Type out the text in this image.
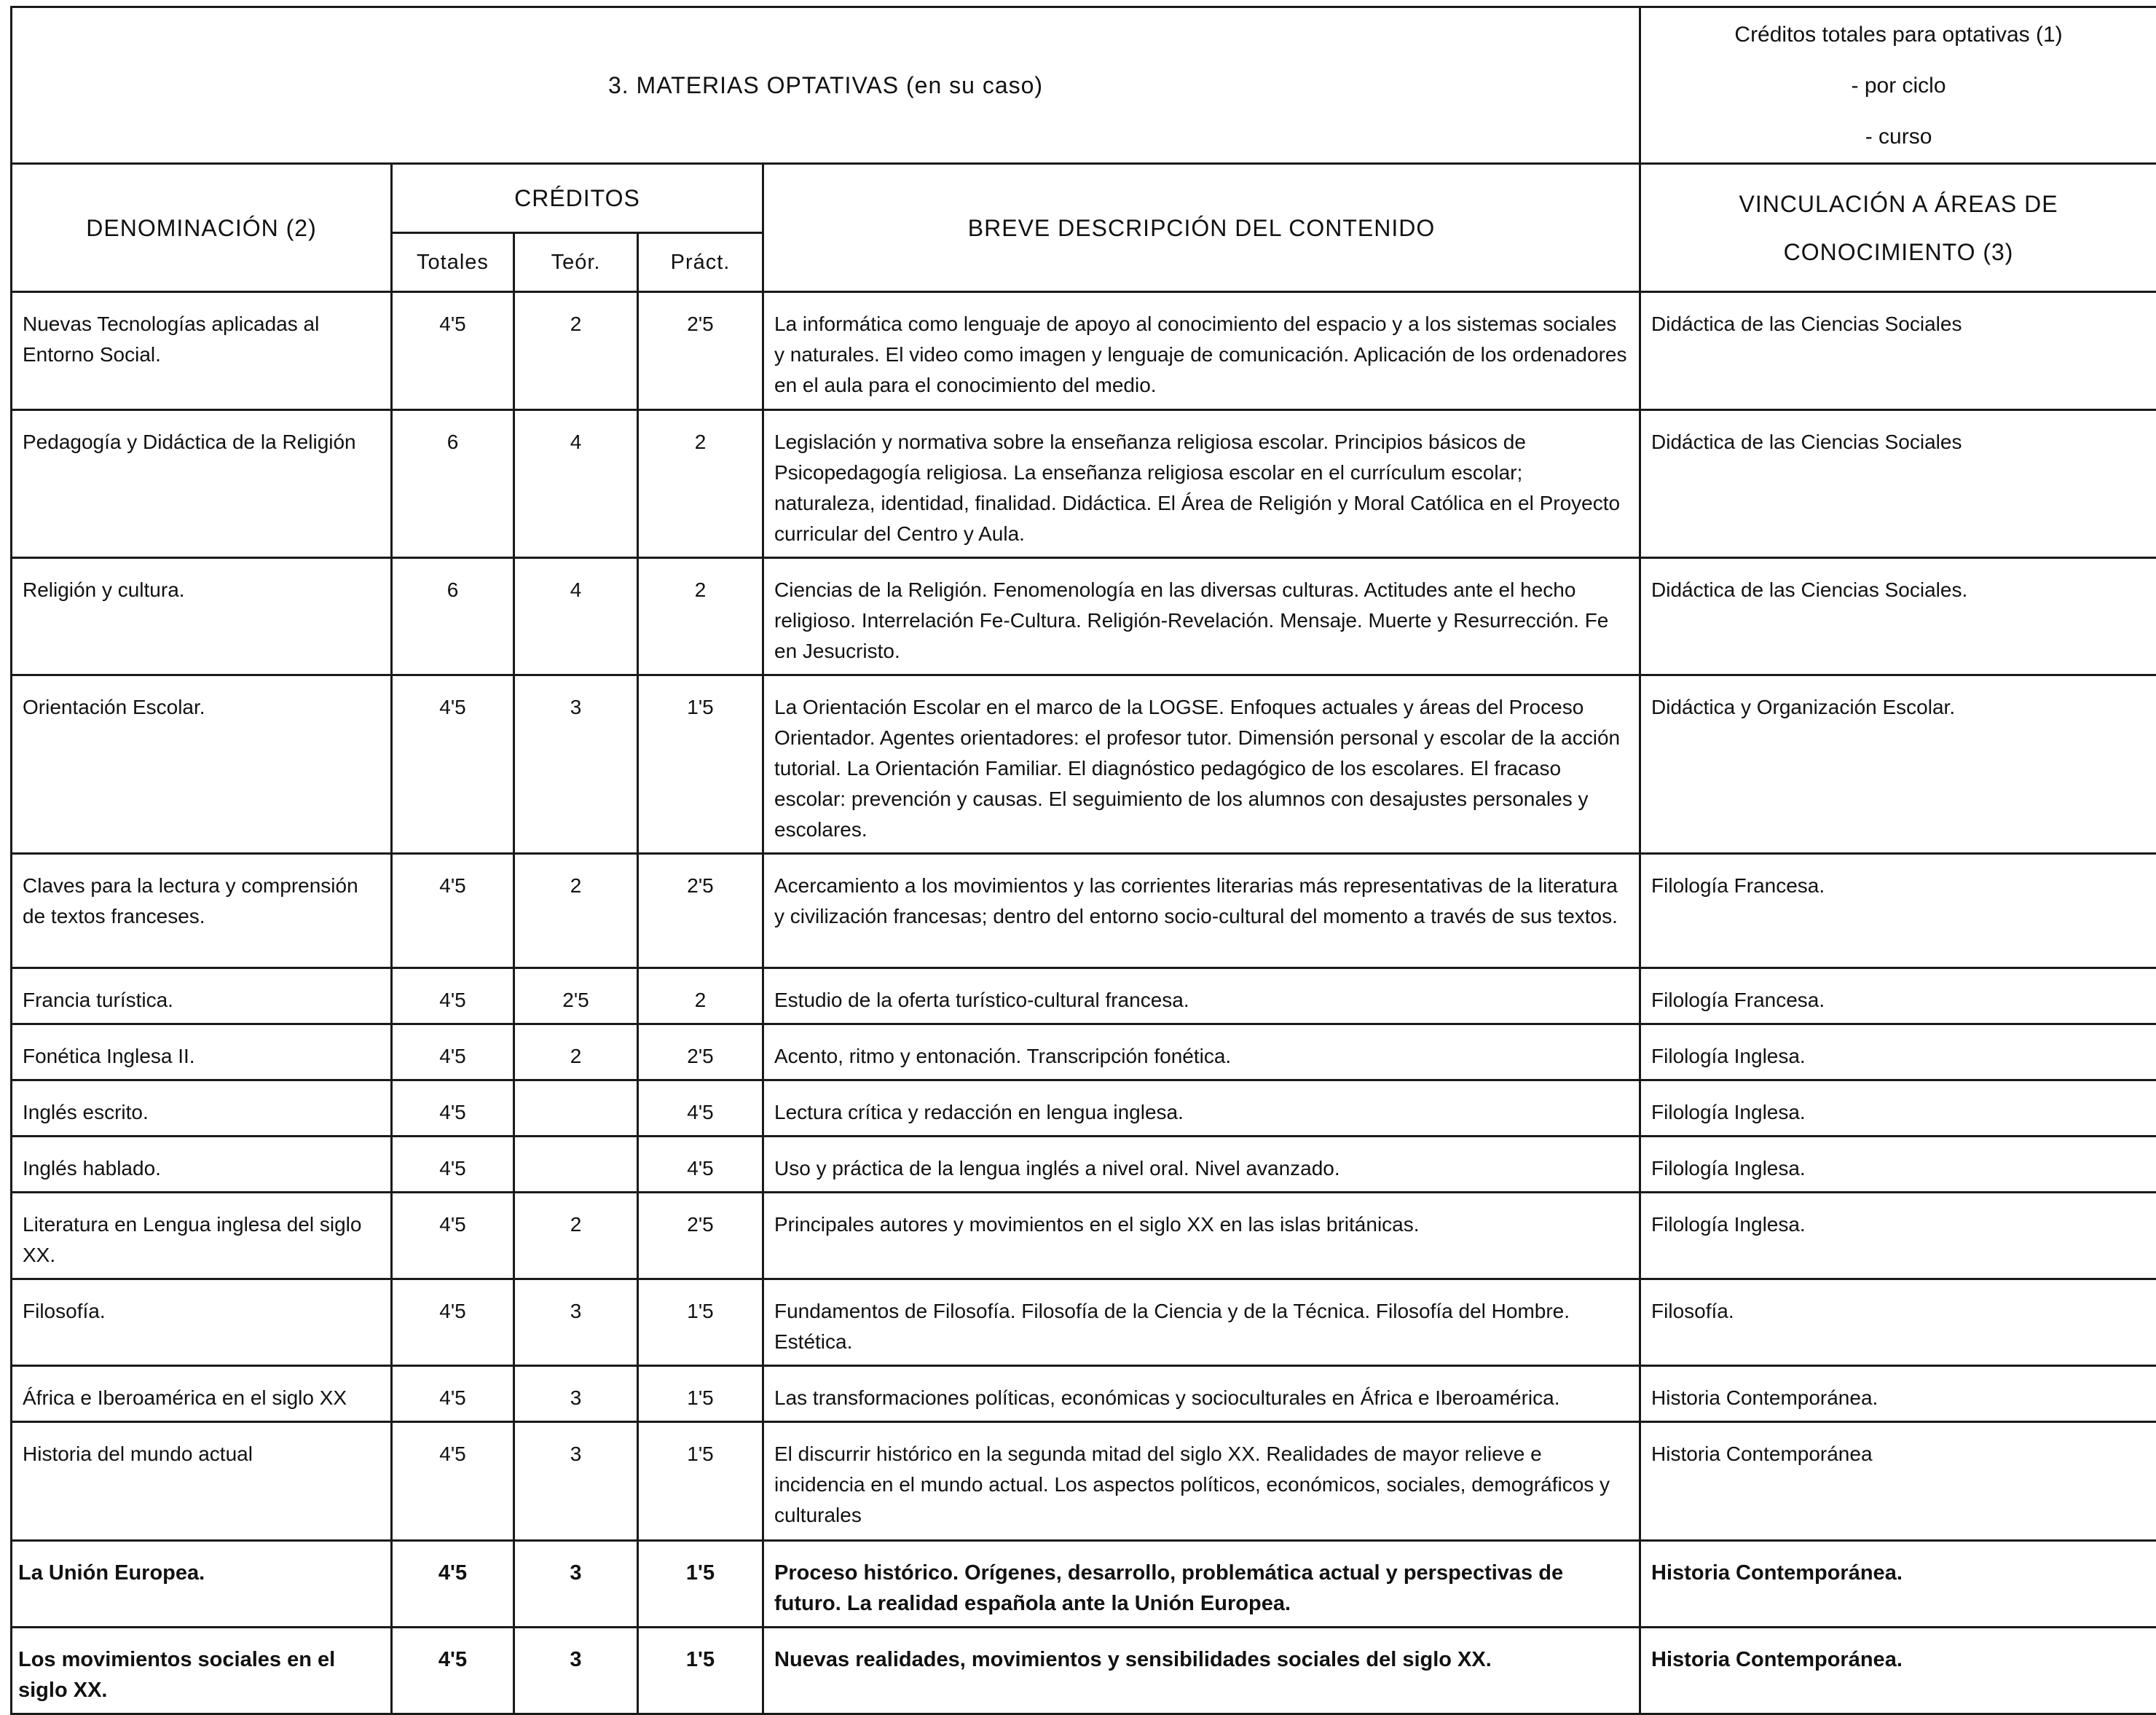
3. MATERIAS OPTATIVAS (en su caso)					Créditos totales para optativas (1)
- por ciclo
- curso

DENOMINACIÓN (2)	CRÉDITOS			BREVE DESCRIPCIÓN DEL CONTENIDO	VINCULACIÓN A ÁREAS DE
CONOCIMIENTO (3)

	Totales	Teór.	Práct.		
Nuevas Tecnologías aplicadas al Entorno Social.	4'5	2	2'5	La informática como lenguaje de apoyo al conocimiento del espacio y a los sistemas sociales y naturales. El video como imagen y lenguaje de comunicación. Aplicación de los ordenadores en el aula para el conocimiento del medio.	Didáctica de las Ciencias Sociales
Pedagogía y Didáctica de la Religión	6	4	2	Legislación y normativa sobre la enseñanza religiosa escolar. Principios básicos de Psicopedagogía religiosa. La enseñanza religiosa escolar en el currículum escolar; naturaleza, identidad, finalidad. Didáctica. El Área de Religión y Moral Católica en el Proyecto curricular del Centro y Aula.	Didáctica de las Ciencias Sociales
Religión y cultura.	6	4	2	Ciencias de la Religión. Fenomenología en las diversas culturas. Actitudes ante el hecho religioso. Interrelación Fe-Cultura. Religión-Revelación. Mensaje. Muerte y Resurrección. Fe en Jesucristo.	Didáctica de las Ciencias Sociales.
Orientación Escolar.	4'5	3	1'5	La Orientación Escolar en el marco de la LOGSE. Enfoques actuales y áreas del Proceso Orientador. Agentes orientadores: el profesor tutor. Dimensión personal y escolar de la acción tutorial. La Orientación Familiar. El diagnóstico pedagógico de los escolares. El fracaso escolar: prevención y causas. El seguimiento de los alumnos con desajustes personales y escolares.	Didáctica y Organización Escolar.
Claves para la lectura y comprensión de textos franceses.	4'5	2	2'5	Acercamiento a los movimientos y las corrientes literarias más representativas de la literatura y civilización francesas; dentro del entorno socio-cultural del momento a través de sus textos.	Filología Francesa.
Francia turística.	4'5	2'5	2	Estudio de la oferta turístico-cultural francesa.	Filología Francesa.
Fonética Inglesa II.	4'5	2	2'5	Acento, ritmo y entonación. Transcripción fonética.	Filología Inglesa.
Inglés escrito.	4'5		4'5	Lectura crítica y redacción en lengua inglesa.	Filología Inglesa.
Inglés hablado.	4'5		4'5	Uso y práctica de la lengua inglés a nivel oral. Nivel avanzado.	Filología Inglesa.
Literatura en Lengua inglesa del siglo XX.	4'5	2	2'5	Principales autores y movimientos en el siglo XX en las islas británicas.	Filología Inglesa.
Filosofía.	4'5	3	1'5	Fundamentos de Filosofía. Filosofía de la Ciencia y de la Técnica. Filosofía del Hombre. Estética.	Filosofía.
África e Iberoamérica en el siglo XX	4'5	3	1'5	Las transformaciones políticas, económicas y socioculturales en África e Iberoamérica.	Historia Contemporánea.
Historia del mundo actual	4'5	3	1'5	El discurrir histórico en la segunda mitad del siglo XX. Realidades de mayor relieve e incidencia en el mundo actual. Los aspectos políticos, económicos, sociales, demográficos y culturales	Historia Contemporánea
La Unión Europea.	4'5	3	1'5	Proceso histórico. Orígenes, desarrollo, problemática actual y perspectivas de futuro. La realidad española ante la Unión Europea.	Historia Contemporánea.
Los movimientos sociales en el siglo XX.	4'5	3	1'5	Nuevas realidades, movimientos y sensibilidades sociales del siglo XX.	Historia Contemporánea.
